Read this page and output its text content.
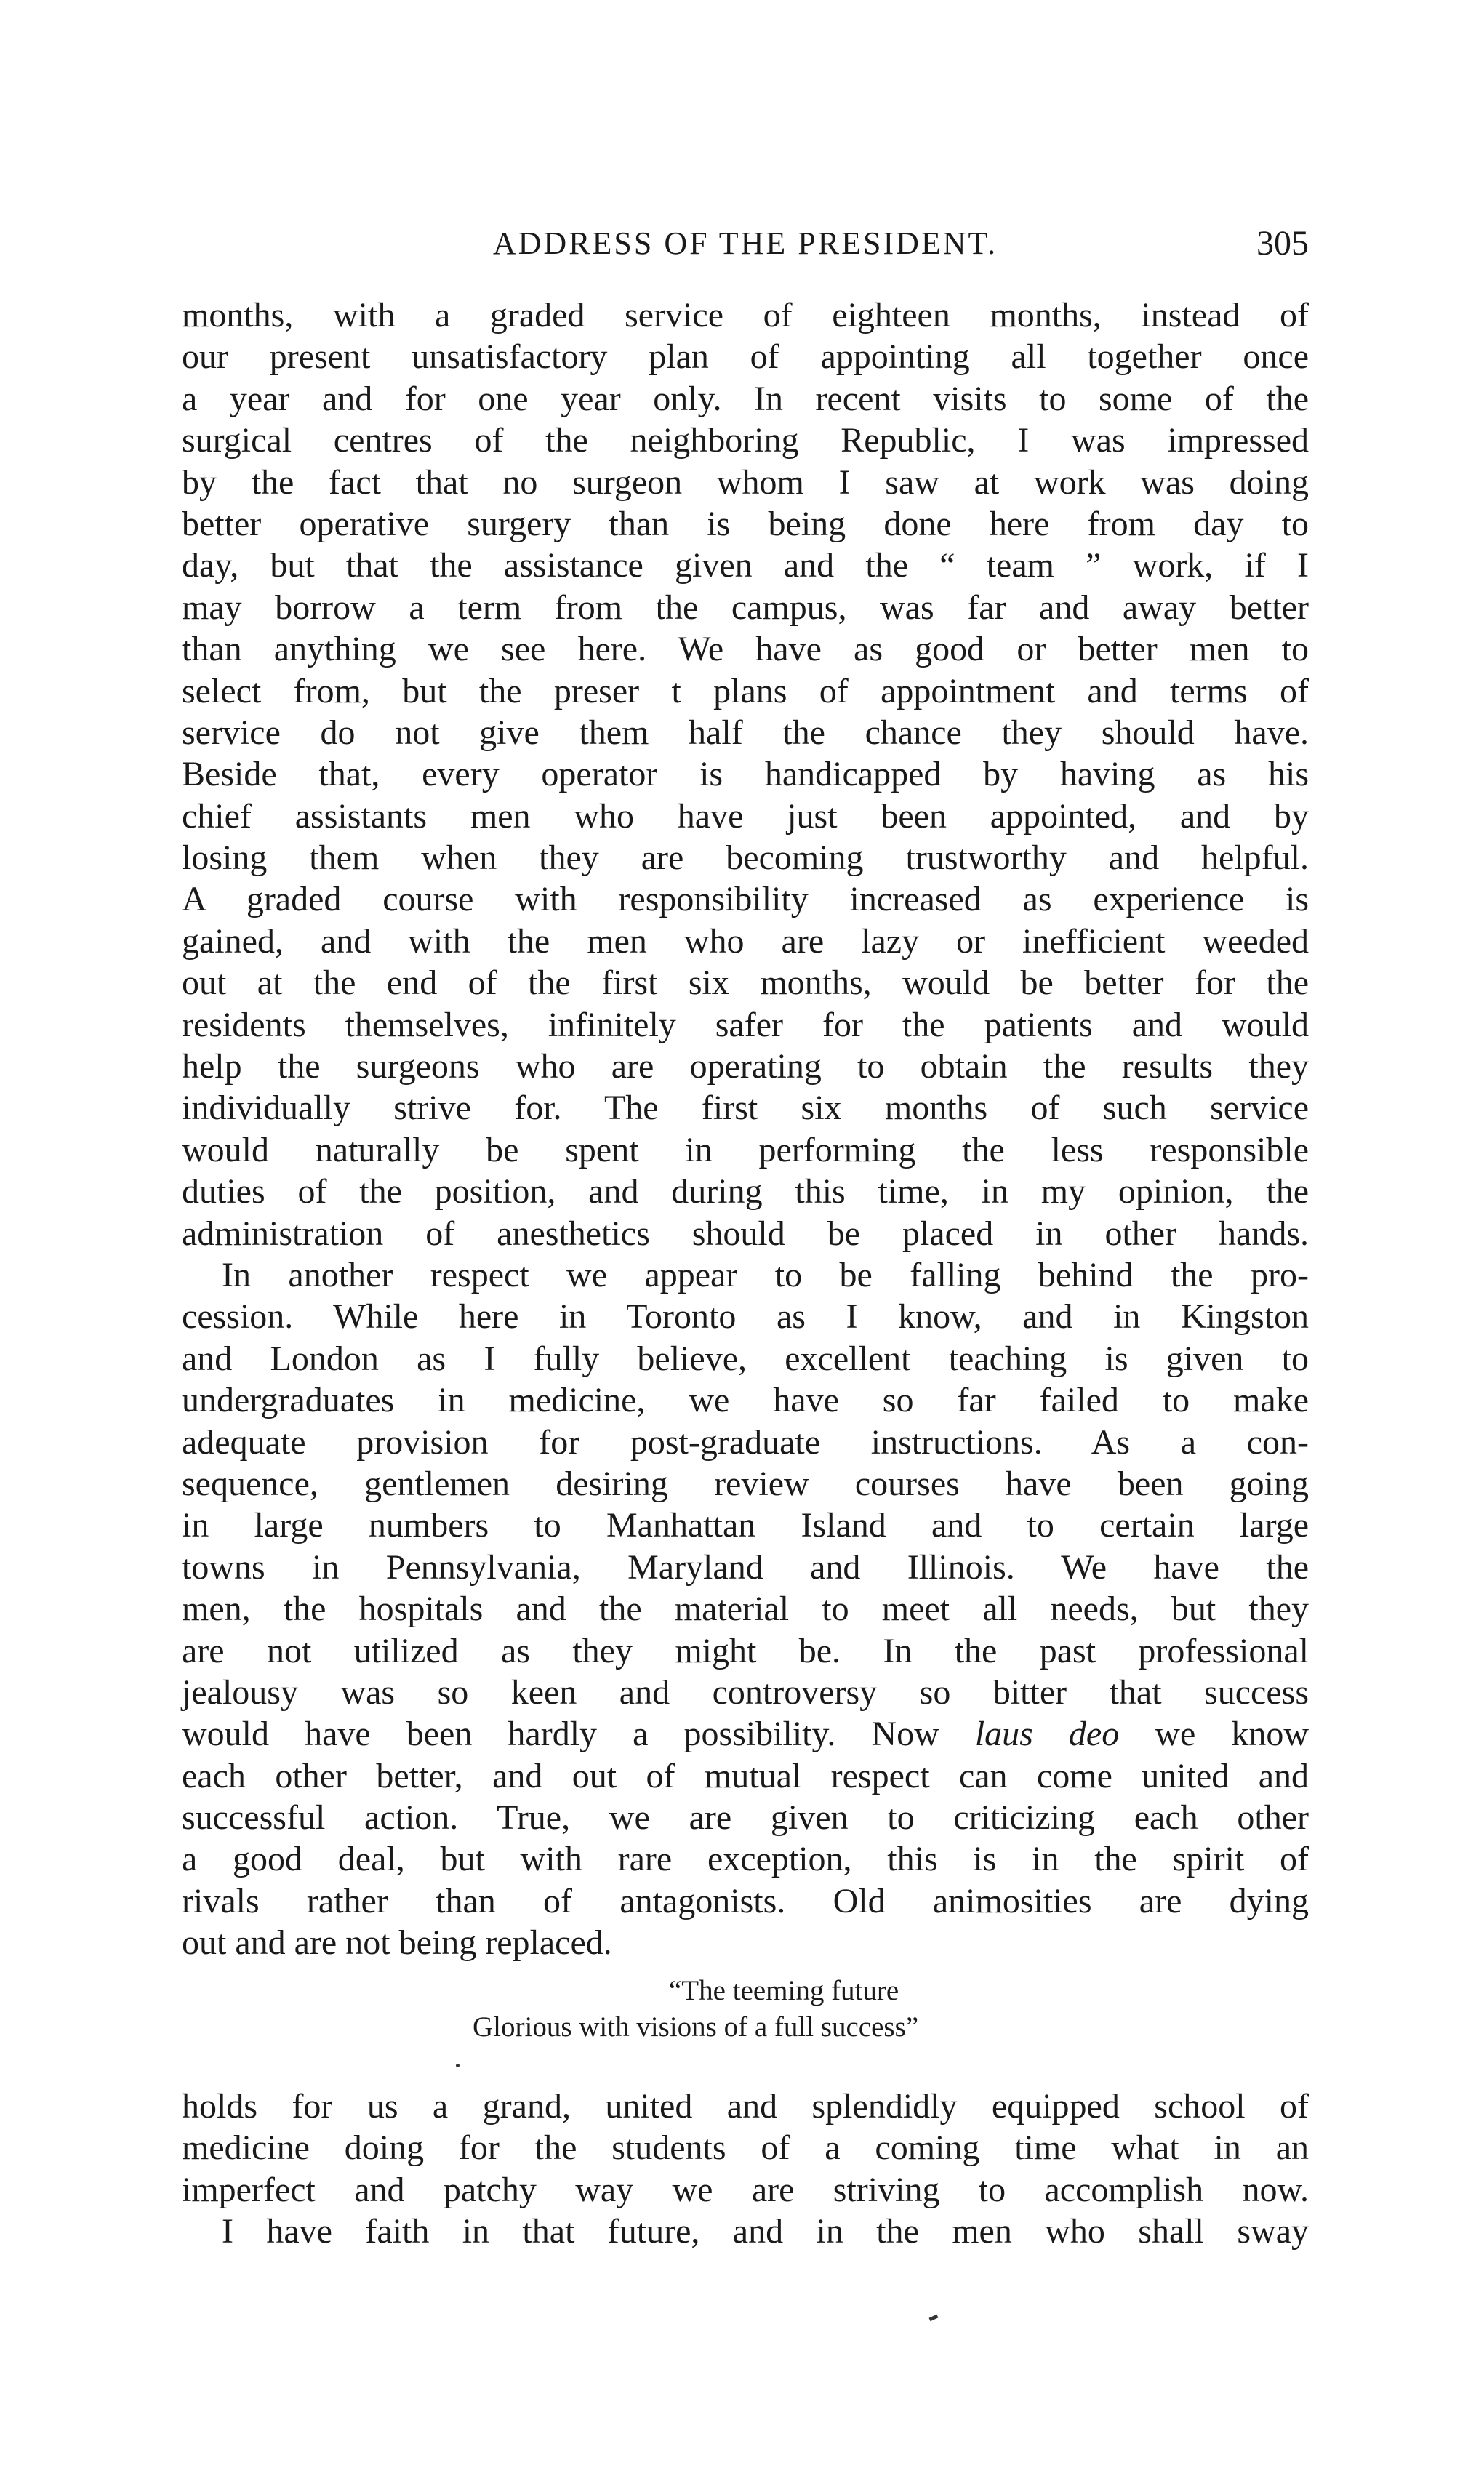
ADDRESS OF THE PRESIDENT.	305
months, with a graded service of eighteen months, instead of
our present unsatisfactory plan of appointing all together once
a year and for one year only. In recent visits to some of the
surgical centres of the neighboring Republic, I was impressed
by the fact that no surgeon whom I saw at work was doing
better operative surgery than is being done here from day to
day, but that the assistance given and the “ team ” work, if I
may borrow a term from the campus, was far and away better
than anything we see here. We have as good or better men to
select from, but the preser t plans of appointment and terms of
service do not give them half the chance they should have.
Beside that, every operator is handicapped by having as his
chief assistants men who have just been appointed, and by
losing them when they are becoming trustworthy and helpful.
A graded course with responsibility increased as experience is
gained, and with the men who are lazy or inefficient weeded
out at the end of the first six months, would be better for the
residents themselves, infinitely safer for the patients and would
help the surgeons who are operating to obtain the results they
individually strive for. The first six months of such service
would naturally be spent in performing the less responsible
duties of the position, and during this time, in my opinion, the
administration of anesthetics should be placed in other hands.
In another respect we appear to be falling behind the pro-
cession. While here in Toronto as I know, and in Kingston
and London as I fully believe, excellent teaching is given to
undergraduates in medicine, we have so far failed to make
adequate provision for post-graduate instructions. As a con-
sequence, gentlemen desiring review courses have been going
in large numbers to Manhattan Island and to certain large
towns in Pennsylvania, Maryland and Illinois. We have the
men, the hospitals and the material to meet all needs, but they
are not utilized as they might be. In the past professional
jealousy was so keen and controversy so bitter that success
would have been hardly a possibility. Now laus deo we know
each other better, and out of mutual respect can come united and
successful action. True, we are given to criticizing each other
a good deal, but with rare exception, this is in the spirit of
rivals rather than of antagonists. Old animosities are dying
out and are not being replaced.
“The teeming future
Glorious with visions of a full success”
holds for us a grand, united and splendidly equipped school of
medicine doing for the students of a coming time what in an
imperfect and patchy way we are striving to accomplish now.
I have faith in that future, and in the men who shall sway
